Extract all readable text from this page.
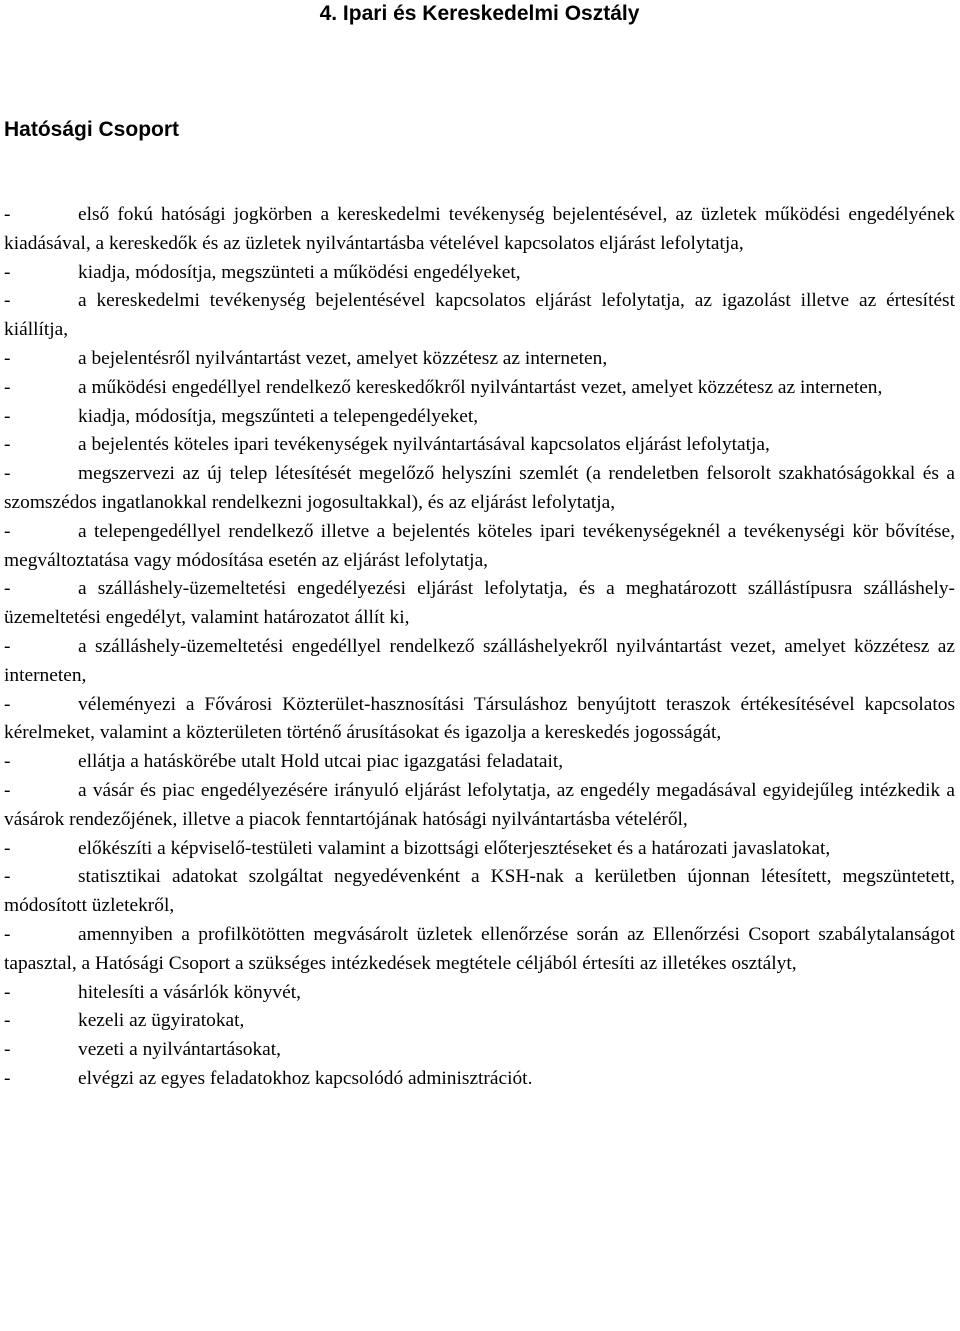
4. Ipari és Kereskedelmi Osztály
Hatósági Csoport
-	első fokú hatósági jogkörben a kereskedelmi tevékenység bejelentésével, az üzletek működési engedélyének kiadásával, a kereskedők és az üzletek nyilvántartásba vételével kapcsolatos eljárást lefolytatja,
-	kiadja, módosítja, megszünteti a működési engedélyeket,
-	a kereskedelmi tevékenység bejelentésével kapcsolatos eljárást lefolytatja, az igazolást illetve az értesítést kiállítja,
-	a bejelentésről nyilvántartást vezet, amelyet közzétesz az interneten,
-	a működési engedéllyel rendelkező kereskedőkről nyilvántartást vezet, amelyet közzétesz az interneten,
-	kiadja, módosítja, megszűnteti a telepengedélyeket,
-	a bejelentés köteles ipari tevékenységek nyilvántartásával kapcsolatos eljárást lefolytatja,
-	megszervezi az új telep létesítését megelőző helyszíni szemlét (a rendeletben felsorolt szakhatóságokkal és a szomszédos ingatlanokkal rendelkezni jogosultakkal), és az eljárást lefolytatja,
-	a telepengedéllyel rendelkező illetve a bejelentés köteles ipari tevékenységeknél a tevékenységi kör bővítése, megváltoztatása vagy módosítása esetén az eljárást lefolytatja,
-	a szálláshely-üzemeltetési engedélyezési eljárást lefolytatja, és a meghatározott szállástípusra szálláshely-üzemeltetési engedélyt, valamint határozatot állít ki,
-	a szálláshely-üzemeltetési engedéllyel rendelkező szálláshelyekről nyilvántartást vezet, amelyet közzétesz az interneten,
-	véleményezi a Fővárosi Közterület-hasznosítási Társuláshoz benyújtott teraszok értékesítésével kapcsolatos kérelmeket, valamint a közterületen történő árusításokat és igazolja a kereskedés jogosságát,
-	ellátja a hatáskörébe utalt Hold utcai piac igazgatási feladatait,
-	a vásár és piac engedélyezésére irányuló eljárást lefolytatja, az engedély megadásával egyidejűleg intézkedik a vásárok rendezőjének, illetve a piacok fenntartójának hatósági nyilvántartásba vételéről,
-	előkészíti a képviselő-testületi valamint a bizottsági előterjesztéseket és a határozati javaslatokat,
-	statisztikai adatokat szolgáltat negyedévenként a KSH-nak a kerületben újonnan létesített, megszüntetett, módosított üzletekről,
-	amennyiben a profilkötötten megvásárolt üzletek ellenőrzése során az Ellenőrzési Csoport szabálytalanságot tapasztal, a Hatósági Csoport a szükséges intézkedések megtétele céljából értesíti az illetékes osztályt,
-	hitelesíti a vásárlók könyvét,
-	kezeli az ügyiratokat,
-	vezeti a nyilvántartásokat,
-	elvégzi az egyes feladatokhoz kapcsolódó adminisztrációt.
